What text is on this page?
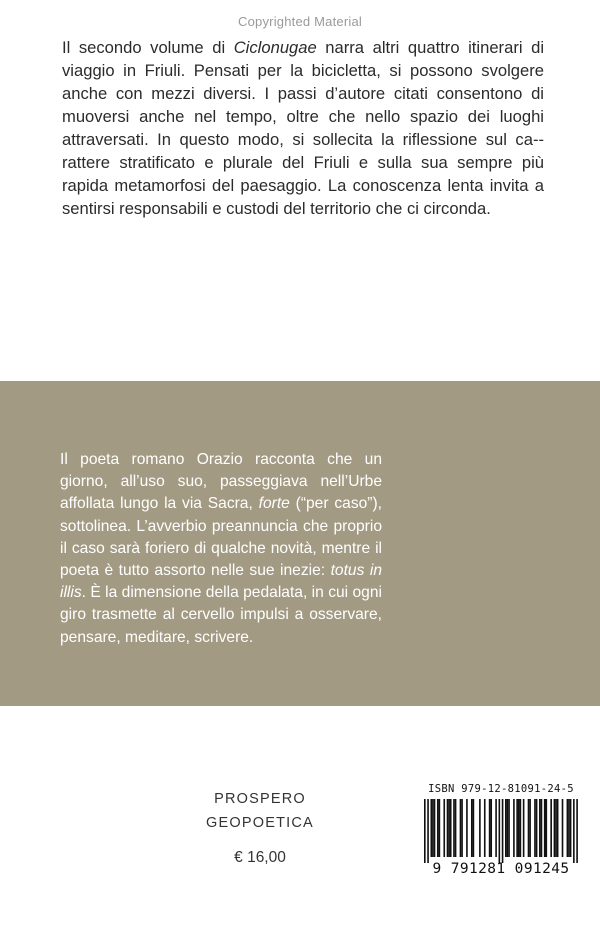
Copyrighted Material
Il secondo volume di Ciclonugae narra altri quattro itinerari di viaggio in Friuli. Pensati per la bicicletta, si possono svolgere anche con mezzi diversi. I passi d’autore citati consentono di muoversi anche nel tempo, oltre che nello spazio dei luoghi attraversati. In questo modo, si sollecita la riflessione sul ca-rattere stratificato e plurale del Friuli e sulla sua sempre più rapida metamorfosi del paesaggio. La conoscenza lenta invita a sentirsi responsabili e custodi del territorio che ci circonda.
Il poeta romano Orazio racconta che un giorno, all’uso suo, passeggiava nell’Urbe affollata lungo la via Sacra, forte (“per caso”), sottolinea. L’avverbio preannuncia che proprio il caso sarà foriero di qualche novità, mentre il poeta è tutto assorto nelle sue inezie: totus in illis. È la dimensione della pedalata, in cui ogni giro trasmette al cervello impulsi a osservare, pensare, meditare, scrivere.
PROSPERO
GEOPOETICA
€ 16,00
ISBN 979-12-81091-24-5
9 791281 091245
